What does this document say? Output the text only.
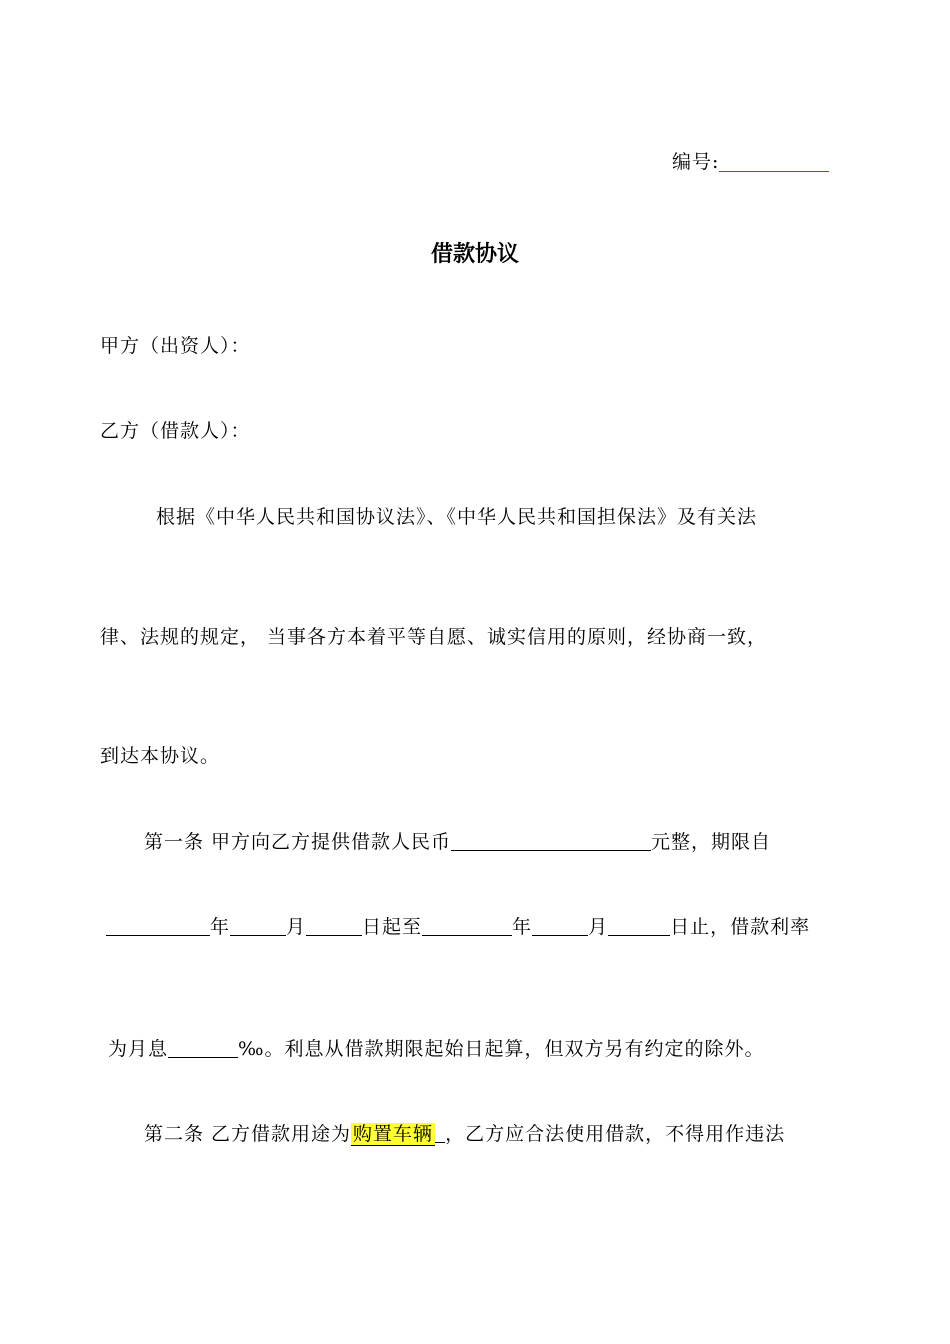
编号:
借款协议
甲方（出资人）：
乙方（借款人）：
根据《中华人民共和国协议法》、《中华人民共和国担保法》及有关法
律、法规的规定， 当事各方本着平等自愿、诚实信用的原则，经协商一致，
到达本协议。
第一条 甲方向乙方提供借款人民币	元整，期限自
年	月	日起至	年	月	日止，借款利率
为月息	‰。利息从借款期限起始日起算，但双方另有约定的除外。
第二条 乙方借款用途为 购置车辆 ，乙方应合法使用借款，不得用作违法
